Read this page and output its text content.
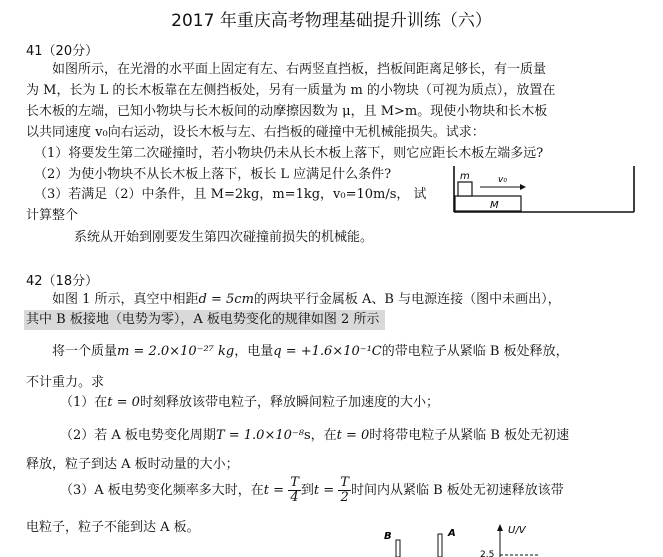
2017 年重庆高考物理基础提升训练（六）
41（20分）
如图所示，在光滑的水平面上固定有左、右两竖直挡板，挡板间距离足够长，有一质量
为 M，长为 L 的长木板靠在左侧挡板处，另有一质量为 m 的小物块（可视为质点），放置在
长木板的左端，已知小物块与长木板间的动摩擦因数为 μ，且 M>m。现使小物块和长木板
以共同速度 v₀向右运动，设长木板与左、右挡板的碰撞中无机械能损失。试求：
（1）将要发生第二次碰撞时，若小物块仍未从长木板上落下，则它应距长木板左端多远?
（2）为使小物块不从长木板上落下，板长 L 应满足什么条件?
（3）若满足（2）中条件，且 M=2kg，m=1kg，v₀=10m/s， 试
计算整个
系统从开始到刚要发生第四次碰撞前损失的机械能。
m
M
v₀
42（18分）
如图 1 所示，真空中相距d = 5cm的两块平行金属板 A、B 与电源连接（图中未画出），
其中 B 板接地（电势为零），A 板电势变化的规律如图 2 所示
将一个质量m = 2.0×10⁻²⁷ kg，电量q = +1.6×10⁻¹C的带电粒子从紧临 B 板处释放，
不计重力。求
（1）在t = 0时刻释放该带电粒子，释放瞬间粒子加速度的大小；
（2）若 A 板电势变化周期T = 1.0×10⁻⁸s，在t = 0时将带电粒子从紧临 B 板处无初速
释放，粒子到达 A 板时动量的大小；
（3）A 板电势变化频率多大时，在$t = \frac{T}{4}$ 到$t = \frac{T}{2}$ 时间内从紧临 B 板处无初速释放该带
电粒子，粒子不能到达 A 板。
B	A	U/V
2.5
